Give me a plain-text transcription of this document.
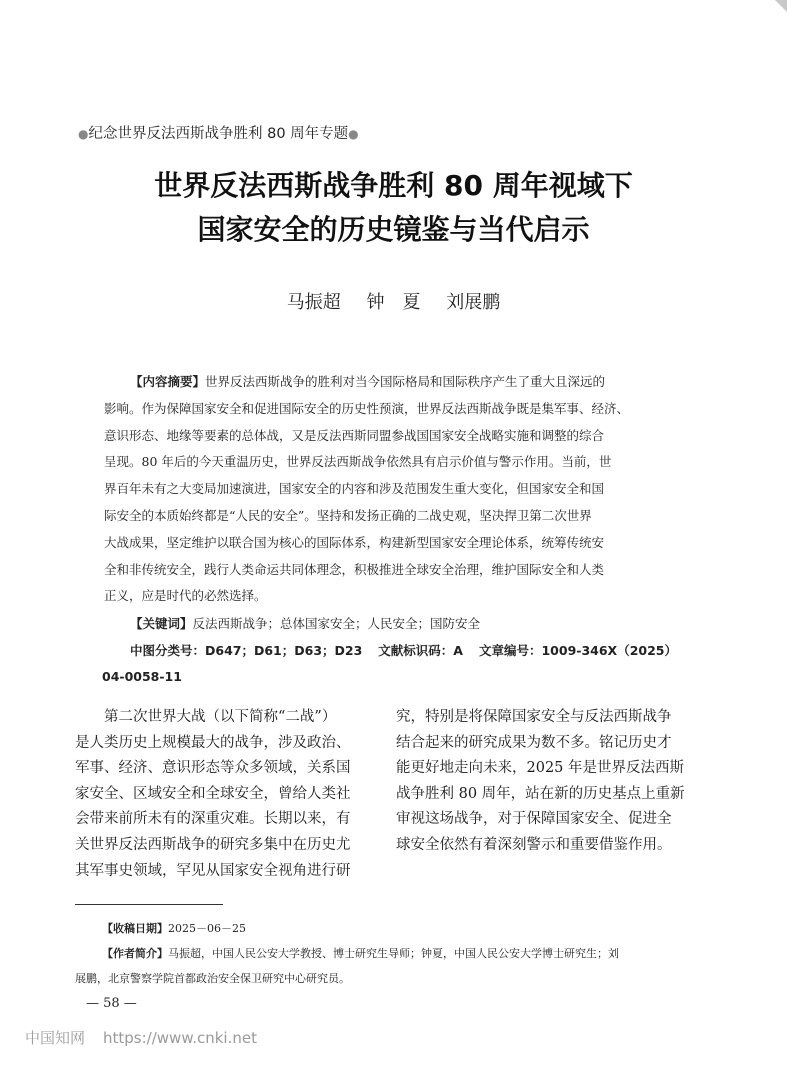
●纪念世界反法西斯战争胜利 80 周年专题●
世界反法西斯战争胜利 80 周年视域下
国家安全的历史镜鉴与当代启示
马振超 钟　夏 刘展鹏
【内容摘要】世界反法西斯战争的胜利对当今国际格局和国际秩序产生了重大且深远的
影响。作为保障国家安全和促进国际安全的历史性预演，世界反法西斯战争既是集军事、经济、
意识形态、地缘等要素的总体战，又是反法西斯同盟参战国国家安全战略实施和调整的综合
呈现。80 年后的今天重温历史，世界反法西斯战争依然具有启示价值与警示作用。当前，世
界百年未有之大变局加速演进，国家安全的内容和涉及范围发生重大变化，但国家安全和国
际安全的本质始终都是“人民的安全”。坚持和发扬正确的二战史观，坚决捍卫第二次世界
大战成果，坚定维护以联合国为核心的国际体系，构建新型国家安全理论体系，统筹传统安
全和非传统安全，践行人类命运共同体理念，积极推进全球安全治理，维护国际安全和人类
正义，应是时代的必然选择。
【关键词】反法西斯战争；总体国家安全；人民安全；国防安全
中图分类号：D647；D61；D63；D23 文献标识码：A 文章编号：1009-346X（2025）
04-0058-11
　　第二次世界大战（以下简称“二战”）
是人类历史上规模最大的战争，涉及政治、
军事、经济、意识形态等众多领域，关系国
家安全、区域安全和全球安全，曾给人类社
会带来前所未有的深重灾难。长期以来，有
关世界反法西斯战争的研究多集中在历史尤
其军事史领域，罕见从国家安全视角进行研
究，特别是将保障国家安全与反法西斯战争
结合起来的研究成果为数不多。铭记历史才
能更好地走向未来，2025 年是世界反法西斯
战争胜利 80 周年，站在新的历史基点上重新
审视这场战争，对于保障国家安全、促进全
球安全依然有着深刻警示和重要借鉴作用。
【收稿日期】2025－06－25
【作者简介】马振超，中国人民公安大学教授、博士研究生导师；钟夏，中国人民公安大学博士研究生；刘
展鹏，北京警察学院首都政治安全保卫研究中心研究员。
— 58 —
中国知网 https://www.cnki.net
